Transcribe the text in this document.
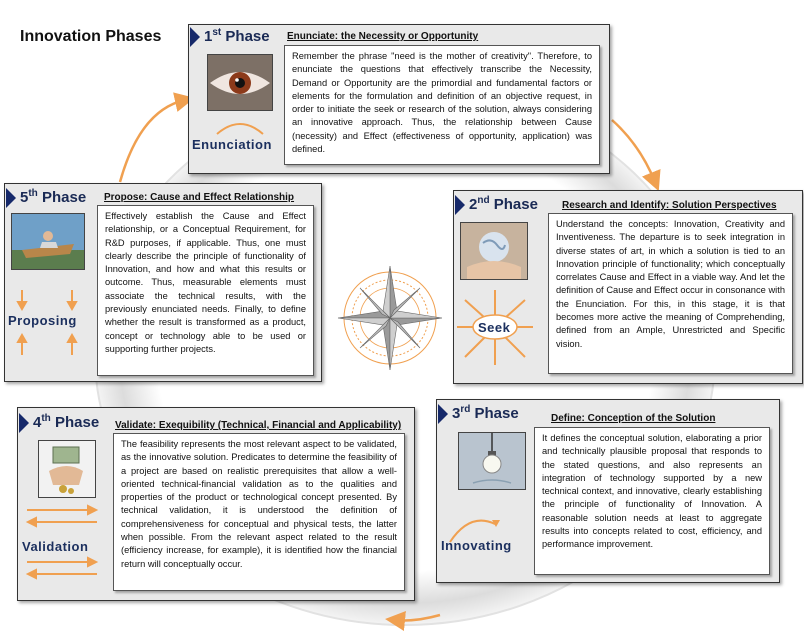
Innovation Phases	1st Phase Enunciate: the Necessity or Opportunity
Remember the phrase "need is the mother of creativity". Therefore, to enunciate the questions that effectively transcribe the Necessity, Demand or Opportunity are the primordial and fundamental factors or elements for the formulation and definition of an objective request, in order to initiate the seek or research of the solution, always considering an innovative approach. Thus, the relationship between Cause (necessity) and Effect (effectiveness of opportunity, application) was defined.
Enunciation
2nd Phase Research and Identify: Solution Perspectives
Understand the concepts: Innovation, Creativity and Inventiveness. The departure is to seek integration in diverse states of art, in which a solution is tied to an Innovation principle of functionality; which conceptually correlates Cause and Effect in a viable way. And let the definition of Cause and Effect occur in consonance with the Enunciation. For this, in this stage, it is that becomes more active the meaning of Comprehending, defined from an Ample, Unrestricted and Specific vision.
Seek
3rd Phase	Define: Conception of the Solution
It defines the conceptual solution, elaborating a prior and technically plausible proposal that responds to the stated questions, and also represents an integration of technology supported by a new technical context, and innovative, clearly establishing the principle of functionality of Innovation. A reasonable solution needs at least to aggregate results into concepts related to cost, efficiency, and performance improvement.
Innovating
4th Phase Validate: Exequibility (Technical, Financial and Applicability)
The feasibility represents the most relevant aspect to be validated, as the innovative solution. Predicates to determine the feasibility of a project are based on realistic prerequisites that allow a well-oriented technical-financial validation as to the qualities and properties of the product or technological concept presented. By technical validation, it is understood the definition of comprehensiveness for conceptual and physical tests, the latter when possible. From the relevant aspect related to the result (efficiency increase, for example), it is identified how the financial return will conceptually occur.
Validation
5th Phase Propose: Cause and Effect Relationship
Effectively establish the Cause and Effect relationship, or a Conceptual Requirement, for R&D purposes, if applicable. Thus, one must clearly describe the principle of functionality of Innovation, and how and what this results or outcome. Thus, measurable elements must associate the technical results, with the previously enunciated needs. Finally, to define whether the result is transformed as a product, concept or technology able to be used or supporting further projects.
Proposing
